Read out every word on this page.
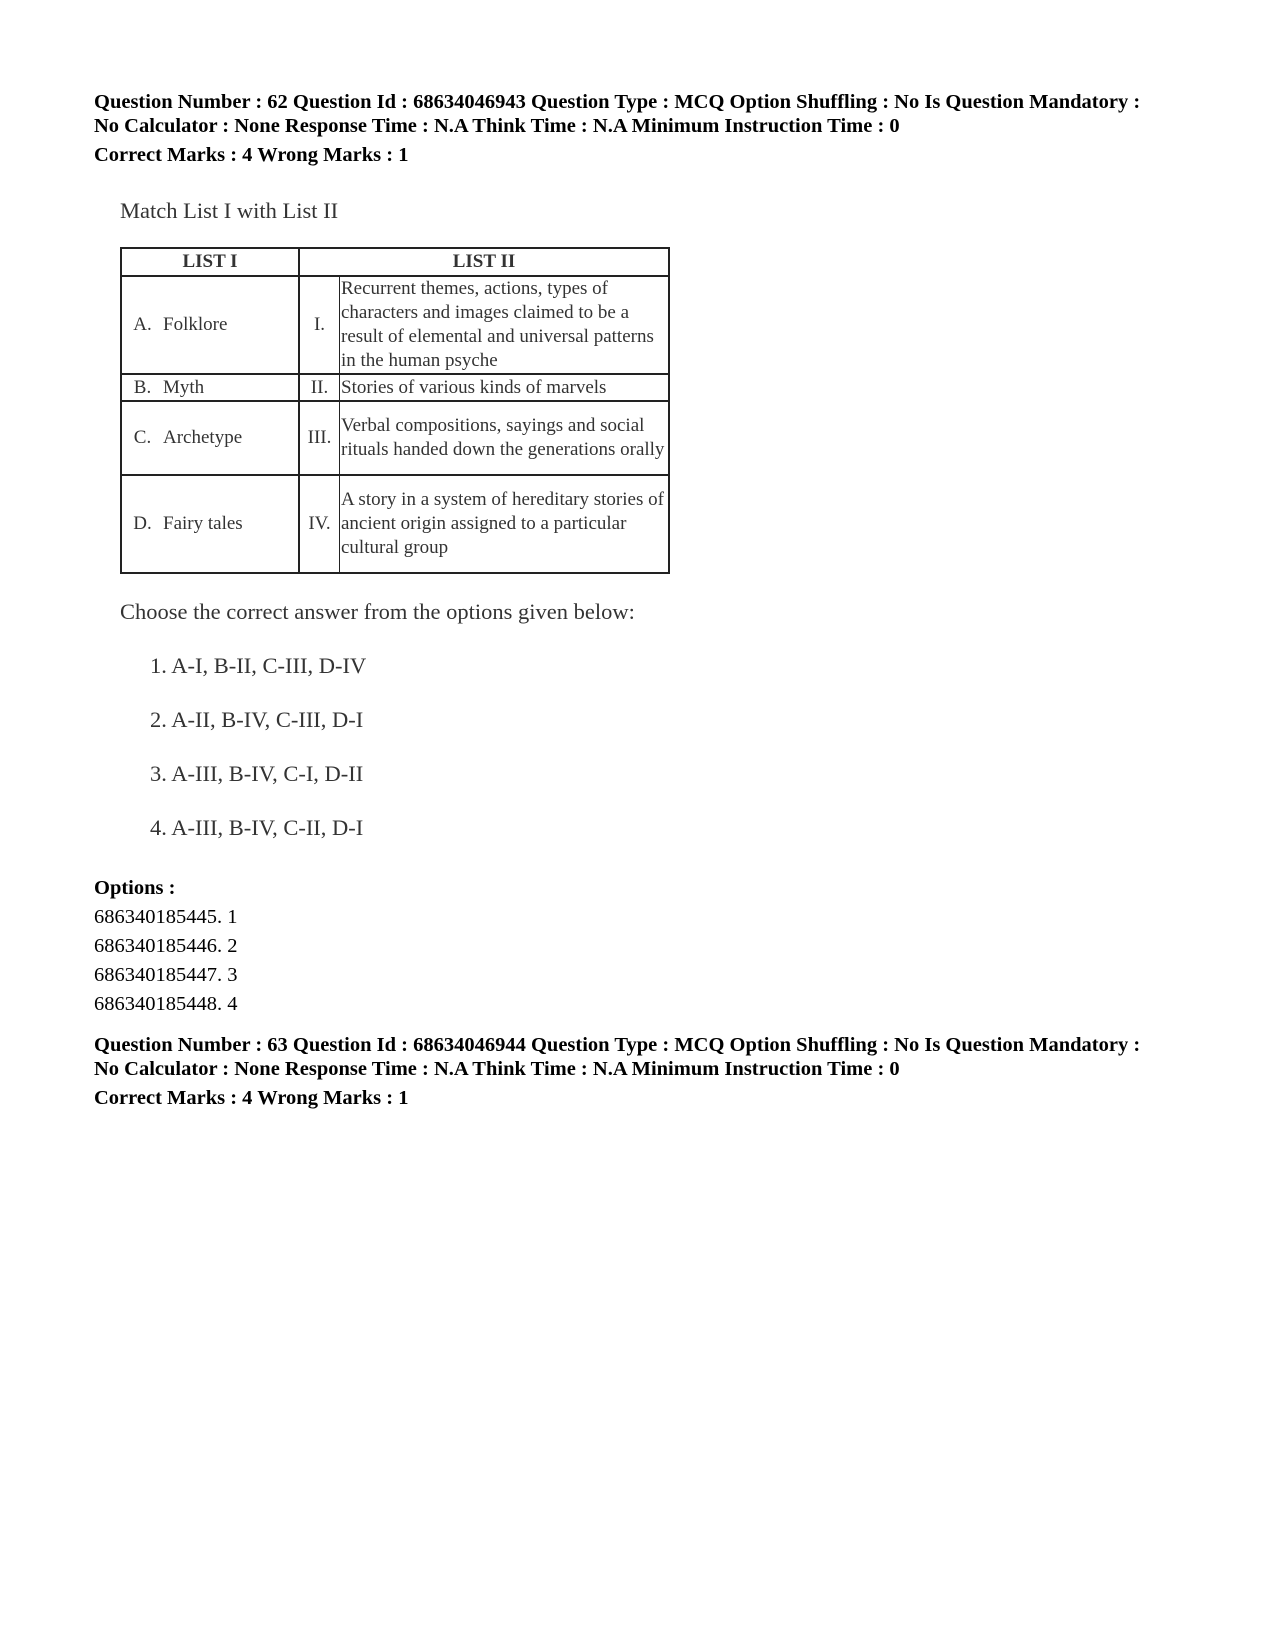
Question Number : 62 Question Id : 68634046943 Question Type : MCQ Option Shuffling : No Is Question Mandatory :

No Calculator : None Response Time : N.A Think Time : N.A Minimum Instruction Time : 0

Correct Marks : 4 Wrong Marks : 1

Match List I with List II

LIST I		LIST II	
A.	Folklore	I.	Recurrent themes, actions, types of characters and images claimed to be a result of elemental and universal patterns in the human psyche
B.	Myth	II.	Stories of various kinds of marvels
C.	Archetype	III.	Verbal compositions, sayings and social rituals handed down the generations orally
D.	Fairy tales	IV.	A story in a system of hereditary stories of ancient origin assigned to a particular cultural group

Choose the correct answer from the options given below:

1. A-I, B-II, C-III, D-IV
2. A-II, B-IV, C-III, D-I
3. A-III, B-IV, C-I, D-II
4. A-III, B-IV, C-II, D-I
Options :
686340185445. 1
686340185446. 2
686340185447. 3
686340185448. 4

Question Number : 63 Question Id : 68634046944 Question Type : MCQ Option Shuffling : No Is Question Mandatory :

No Calculator : None Response Time : N.A Think Time : N.A Minimum Instruction Time : 0

Correct Marks : 4 Wrong Marks : 1
